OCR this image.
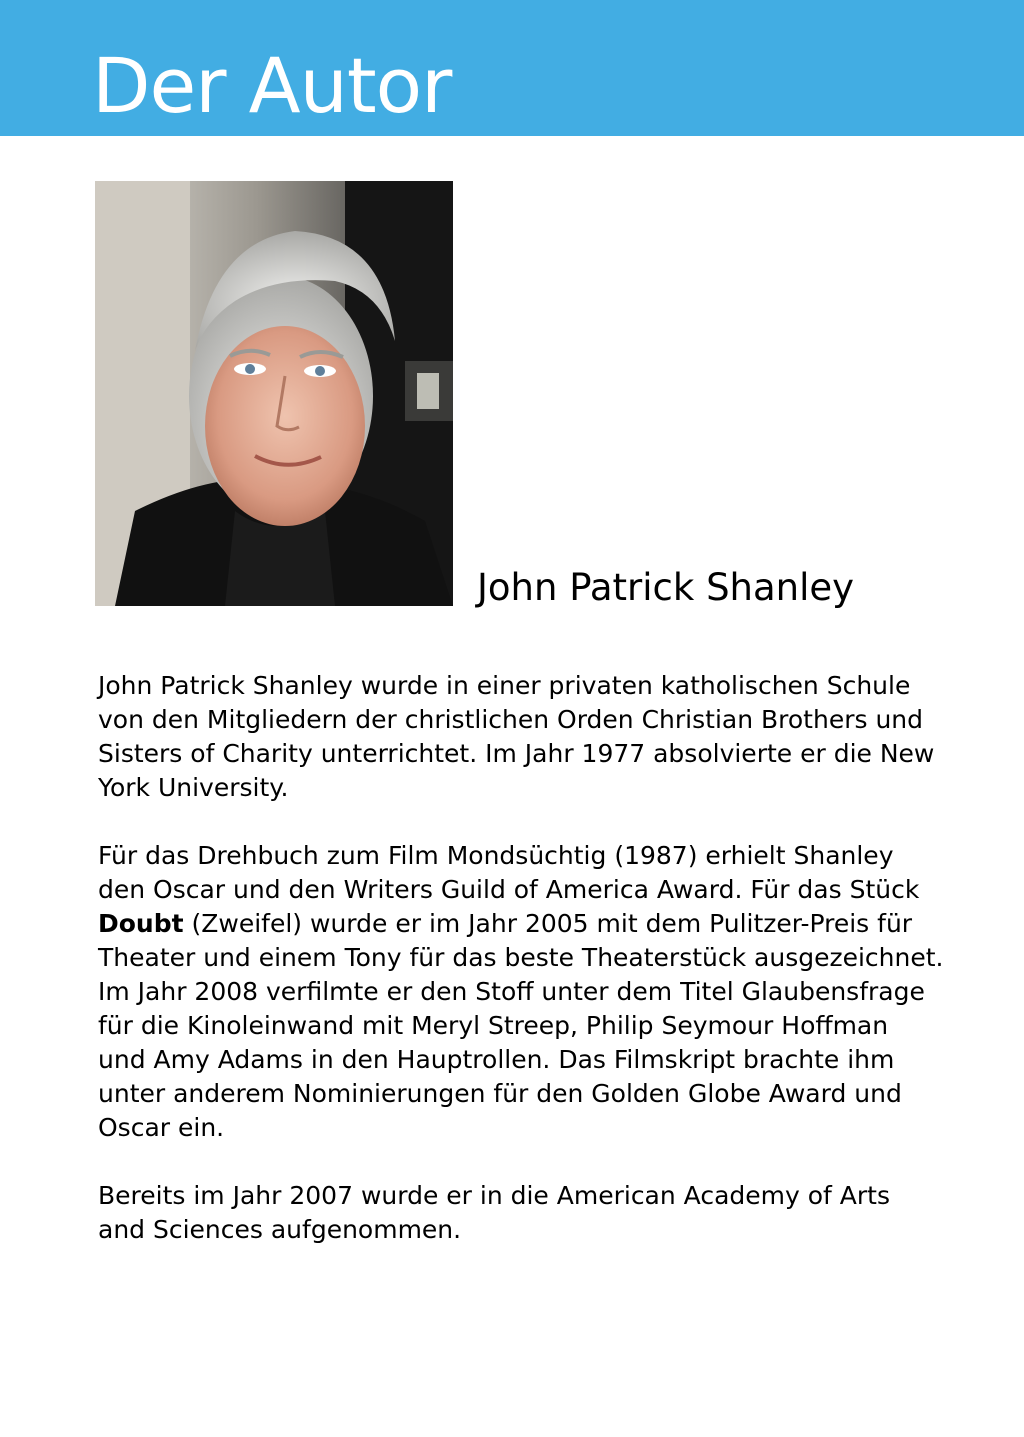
Der Autor
John Patrick Shanley

John Patrick Shanley wurde in einer privaten katholischen Schule
von den Mitgliedern der christlichen Orden Christian Brothers und
Sisters of Charity unterrichtet. Im Jahr 1977 absolvierte er die New
York University.

Für das Drehbuch zum Film Mondsüchtig (1987) erhielt Shanley
den Oscar und den Writers Guild of America Award. Für das Stück
Doubt (Zweifel) wurde er im Jahr 2005 mit dem Pulitzer-Preis für
Theater und einem Tony für das beste Theaterstück ausgezeichnet.
Im Jahr 2008 verfilmte er den Stoff unter dem Titel Glaubensfrage
für die Kinoleinwand mit Meryl Streep, Philip Seymour Hoffman
und Amy Adams in den Hauptrollen. Das Filmskript brachte ihm
unter anderem Nominierungen für den Golden Globe Award und
Oscar ein.

Bereits im Jahr 2007 wurde er in die American Academy of Arts
and Sciences aufgenommen.
